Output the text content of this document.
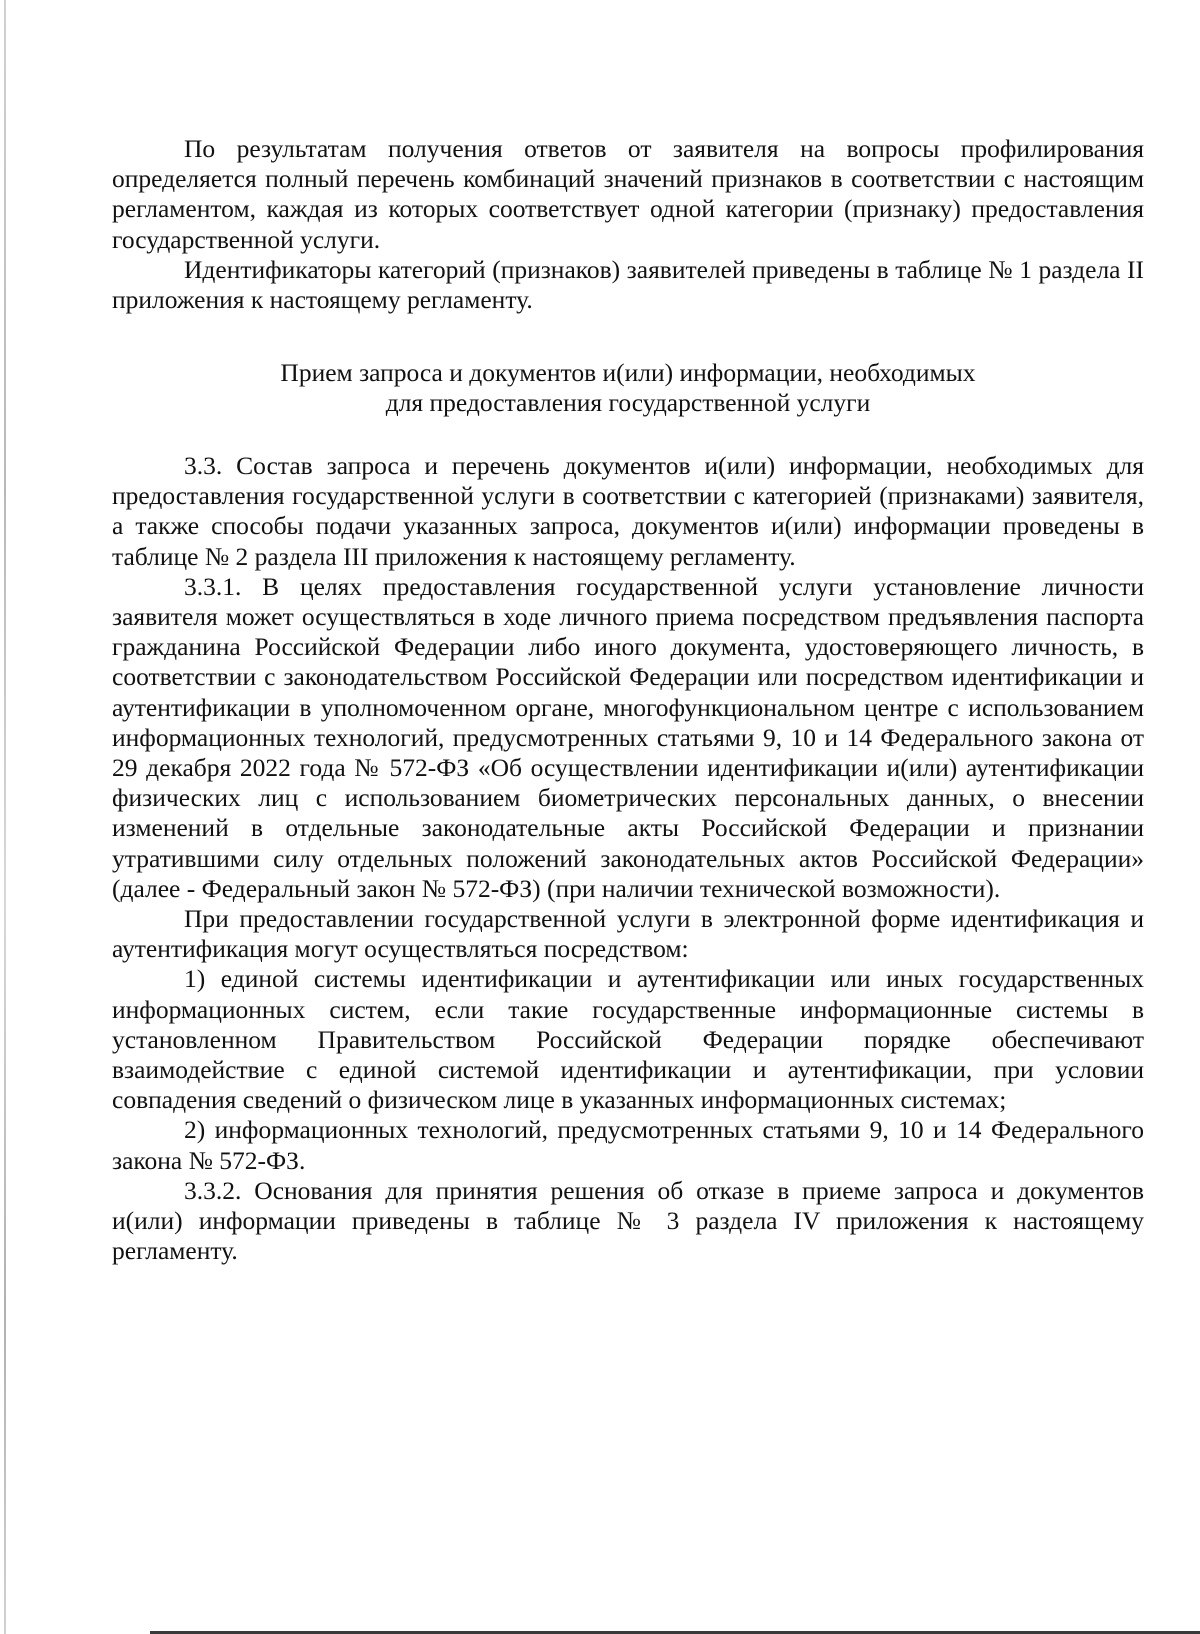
По результатам получения ответов от заявителя на вопросы профилирования определяется полный перечень комбинаций значений признаков в соответствии с настоящим регламентом, каждая из которых соответствует одной категории (признаку) предоставления государственной услуги.

Идентификаторы категорий (признаков) заявителей приведены в таблице № 1 раздела II приложения к настоящему регламенту.

Прием запроса и документов и(или) информации, необходимых

для предоставления государственной услуги

3.3. Состав запроса и перечень документов и(или) информации, необходимых для предоставления государственной услуги в соответствии с категорией (признаками) заявителя, а также способы подачи указанных запроса, документов и(или) информации проведены в таблице № 2 раздела III приложения к настоящему регламенту.

3.3.1. В целях предоставления государственной услуги установление личности заявителя может осуществляться в ходе личного приема посредством предъявления паспорта гражданина Российской Федерации либо иного документа, удостоверяющего личность, в соответствии с законодательством Российской Федерации или посредством идентификации и аутентификации в уполномоченном органе, многофункциональном центре с использованием информационных технологий, предусмотренных статьями 9, 10 и 14 Федерального закона от 29 декабря 2022 года № 572-ФЗ «Об осуществлении идентификации и(или) аутентификации физических лиц с использованием биометрических персональных данных, о внесении изменений в отдельные законодательные акты Российской Федерации и признании утратившими силу отдельных положений законодательных актов Российской Федерации» (далее - Федеральный закон № 572-ФЗ) (при наличии технической возможности).

При предоставлении государственной услуги в электронной форме идентификация и аутентификация могут осуществляться посредством:

1) единой системы идентификации и аутентификации или иных государственных информационных систем, если такие государственные информационные системы в установленном Правительством Российской Федерации порядке обеспечивают взаимодействие с единой системой идентификации и аутентификации, при условии совпадения сведений о физическом лице в указанных информационных системах;

2) информационных технологий, предусмотренных статьями 9, 10 и 14 Федерального закона № 572-ФЗ.

3.3.2. Основания для принятия решения об отказе в приеме запроса и документов и(или) информации приведены в таблице № 3 раздела IV приложения к настоящему регламенту.
